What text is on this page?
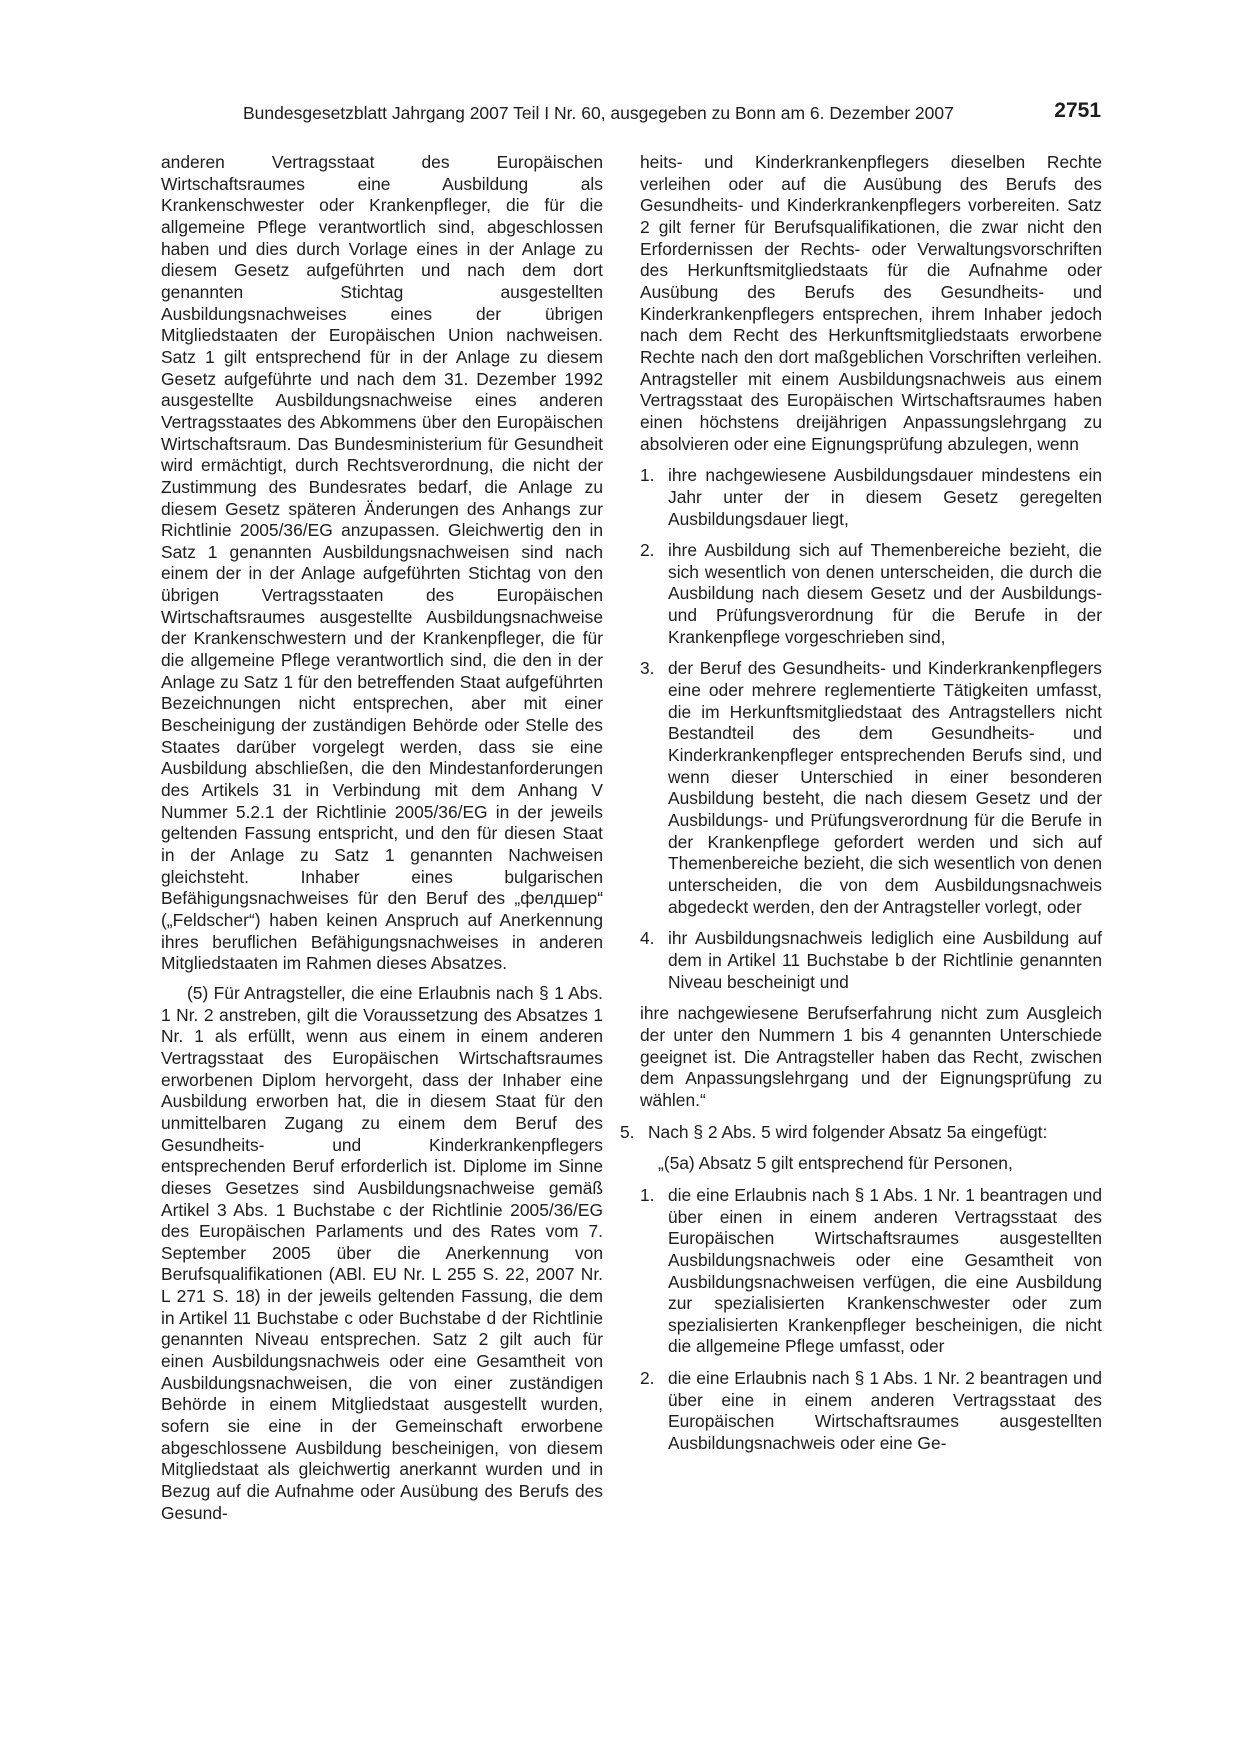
Bundesgesetzblatt Jahrgang 2007 Teil I Nr. 60, ausgegeben zu Bonn am 6. Dezember 2007	2751

anderen Vertragsstaat des Europäischen Wirtschaftsraumes eine Ausbildung als Krankenschwester oder Krankenpfleger, die für die allgemeine Pflege verantwortlich sind, abgeschlossen haben und dies durch Vorlage eines in der Anlage zu diesem Gesetz aufgeführten und nach dem dort genannten Stichtag ausgestellten Ausbildungsnachweises eines der übrigen Mitgliedstaaten der Europäischen Union nachweisen. Satz 1 gilt entsprechend für in der Anlage zu diesem Gesetz aufgeführte und nach dem 31. Dezember 1992 ausgestellte Ausbildungsnachweise eines anderen Vertragsstaates des Abkommens über den Europäischen Wirtschaftsraum. Das Bundesministerium für Gesundheit wird ermächtigt, durch Rechtsverordnung, die nicht der Zustimmung des Bundesrates bedarf, die Anlage zu diesem Gesetz späteren Änderungen des Anhangs zur Richtlinie 2005/36/EG anzupassen. Gleichwertig den in Satz 1 genannten Ausbildungsnachweisen sind nach einem der in der Anlage aufgeführten Stichtag von den übrigen Vertragsstaaten des Europäischen Wirtschaftsraumes ausgestellte Ausbildungsnachweise der Krankenschwestern und der Krankenpfleger, die für die allgemeine Pflege verantwortlich sind, die den in der Anlage zu Satz 1 für den betreffenden Staat aufgeführten Bezeichnungen nicht entsprechen, aber mit einer Bescheinigung der zuständigen Behörde oder Stelle des Staates darüber vorgelegt werden, dass sie eine Ausbildung abschließen, die den Mindestanforderungen des Artikels 31 in Verbindung mit dem Anhang V Nummer 5.2.1 der Richtlinie 2005/36/EG in der jeweils geltenden Fassung entspricht, und den für diesen Staat in der Anlage zu Satz 1 genannten Nachweisen gleichsteht. Inhaber eines bulgarischen Befähigungsnachweises für den Beruf des „фелдшер“ („Feldscher“) haben keinen Anspruch auf Anerkennung ihres beruflichen Befähigungsnachweises in anderen Mitgliedstaaten im Rahmen dieses Absatzes.

(5) Für Antragsteller, die eine Erlaubnis nach § 1 Abs. 1 Nr. 2 anstreben, gilt die Voraussetzung des Absatzes 1 Nr. 1 als erfüllt, wenn aus einem in einem anderen Vertragsstaat des Europäischen Wirtschaftsraumes erworbenen Diplom hervorgeht, dass der Inhaber eine Ausbildung erworben hat, die in diesem Staat für den unmittelbaren Zugang zu einem dem Beruf des Gesundheits- und Kinderkrankenpflegers entsprechenden Beruf erforderlich ist. Diplome im Sinne dieses Gesetzes sind Ausbildungsnachweise gemäß Artikel 3 Abs. 1 Buchstabe c der Richtlinie 2005/36/EG des Europäischen Parlaments und des Rates vom 7. September 2005 über die Anerkennung von Berufsqualifikationen (ABl. EU Nr. L 255 S. 22, 2007 Nr. L 271 S. 18) in der jeweils geltenden Fassung, die dem in Artikel 11 Buchstabe c oder Buchstabe d der Richtlinie genannten Niveau entsprechen. Satz 2 gilt auch für einen Ausbildungsnachweis oder eine Gesamtheit von Ausbildungsnachweisen, die von einer zuständigen Behörde in einem Mitgliedstaat ausgestellt wurden, sofern sie eine in der Gemeinschaft erworbene abgeschlossene Ausbildung bescheinigen, von diesem Mitgliedstaat als gleichwertig anerkannt wurden und in Bezug auf die Aufnahme oder Ausübung des Berufs des Gesund-

heits- und Kinderkrankenpflegers dieselben Rechte verleihen oder auf die Ausübung des Berufs des Gesundheits- und Kinderkrankenpflegers vorbereiten. Satz 2 gilt ferner für Berufsqualifikationen, die zwar nicht den Erfordernissen der Rechts- oder Verwaltungsvorschriften des Herkunftsmitgliedstaats für die Aufnahme oder Ausübung des Berufs des Gesundheits- und Kinderkrankenpflegers entsprechen, ihrem Inhaber jedoch nach dem Recht des Herkunftsmitgliedstaats erworbene Rechte nach den dort maßgeblichen Vorschriften verleihen. Antragsteller mit einem Ausbildungsnachweis aus einem Vertragsstaat des Europäischen Wirtschaftsraumes haben einen höchstens dreijährigen Anpassungslehrgang zu absolvieren oder eine Eignungsprüfung abzulegen, wenn

1. ihre nachgewiesene Ausbildungsdauer mindestens ein Jahr unter der in diesem Gesetz geregelten Ausbildungsdauer liegt,
2. ihre Ausbildung sich auf Themenbereiche bezieht, die sich wesentlich von denen unterscheiden, die durch die Ausbildung nach diesem Gesetz und der Ausbildungs- und Prüfungsverordnung für die Berufe in der Krankenpflege vorgeschrieben sind,
3. der Beruf des Gesundheits- und Kinderkrankenpflegers eine oder mehrere reglementierte Tätigkeiten umfasst, die im Herkunftsmitgliedstaat des Antragstellers nicht Bestandteil des dem Gesundheits- und Kinderkrankenpfleger entsprechenden Berufs sind, und wenn dieser Unterschied in einer besonderen Ausbildung besteht, die nach diesem Gesetz und der Ausbildungs- und Prüfungsverordnung für die Berufe in der Krankenpflege gefordert werden und sich auf Themenbereiche bezieht, die sich wesentlich von denen unterscheiden, die von dem Ausbildungsnachweis abgedeckt werden, den der Antragsteller vorlegt, oder
4. ihr Ausbildungsnachweis lediglich eine Ausbildung auf dem in Artikel 11 Buchstabe b der Richtlinie genannten Niveau bescheinigt und

ihre nachgewiesene Berufserfahrung nicht zum Ausgleich der unter den Nummern 1 bis 4 genannten Unterschiede geeignet ist. Die Antragsteller haben das Recht, zwischen dem Anpassungslehrgang und der Eignungsprüfung zu wählen.“

5. Nach § 2 Abs. 5 wird folgender Absatz 5a eingefügt:

„(5a) Absatz 5 gilt entsprechend für Personen,

1. die eine Erlaubnis nach § 1 Abs. 1 Nr. 1 beantragen und über einen in einem anderen Vertragsstaat des Europäischen Wirtschaftsraumes ausgestellten Ausbildungsnachweis oder eine Gesamtheit von Ausbildungsnachweisen verfügen, die eine Ausbildung zur spezialisierten Krankenschwester oder zum spezialisierten Krankenpfleger bescheinigen, die nicht die allgemeine Pflege umfasst, oder
2. die eine Erlaubnis nach § 1 Abs. 1 Nr. 2 beantragen und über eine in einem anderen Vertragsstaat des Europäischen Wirtschaftsraumes ausgestellten Ausbildungsnachweis oder eine Ge-
